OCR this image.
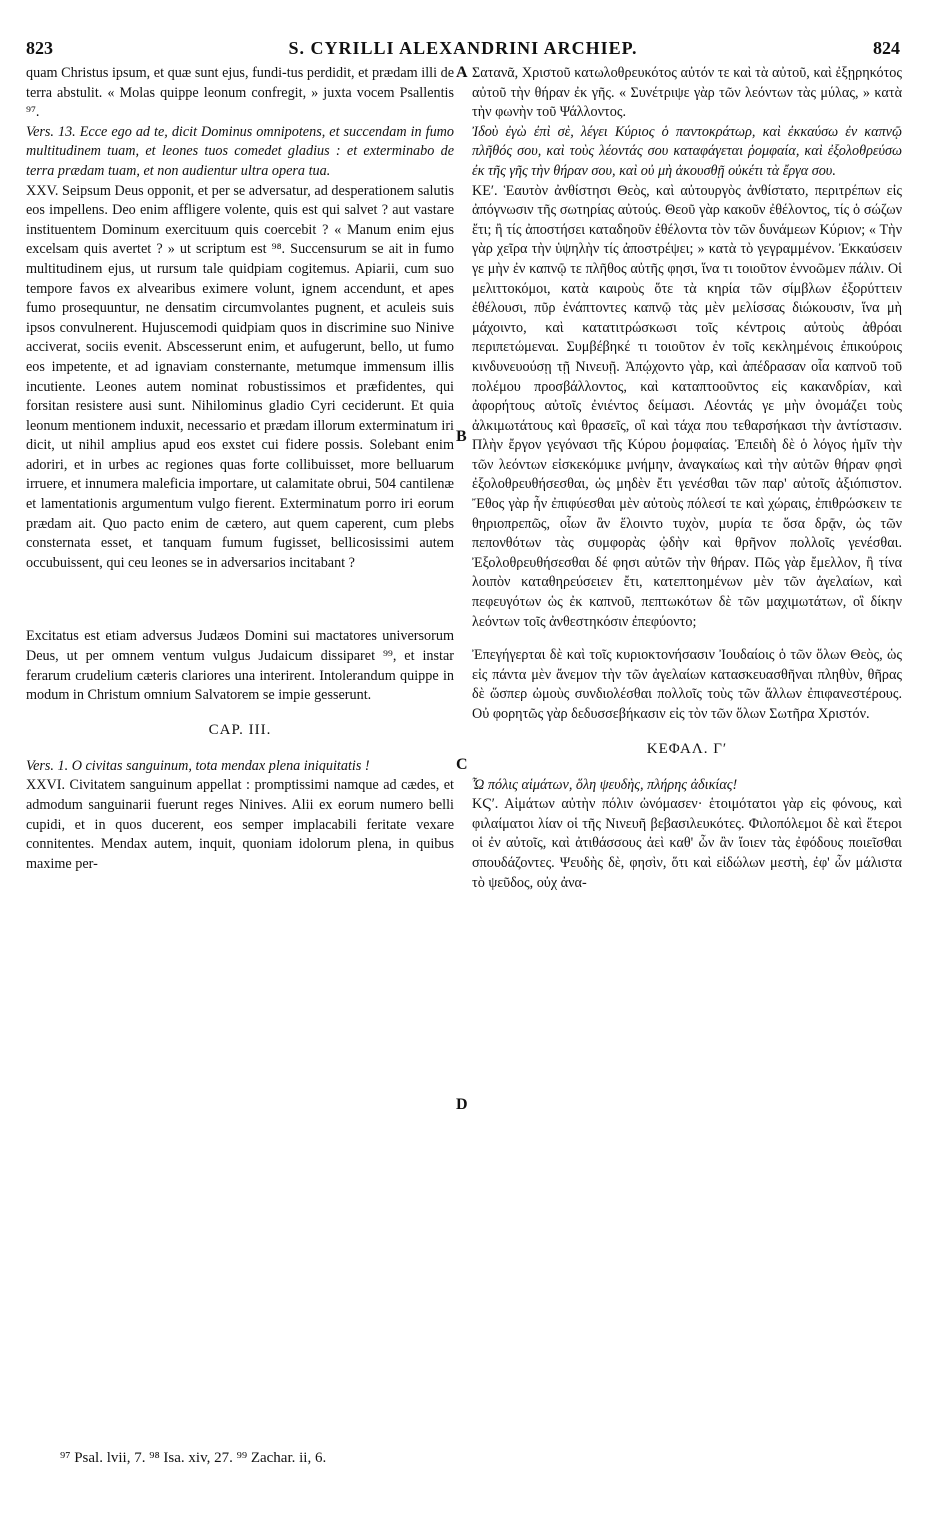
823	S. CYRILLI ALEXANDRINI ARCHIEP.	824

quam Christus ipsum, et quæ sunt ejus, fundi-tus perdidit, et prædam illi de terra abstulit. « Molas quippe leonum confregit, » juxta vocem Psallentis ⁹⁷.

Vers. 13. Ecce ego ad te, dicit Dominus omnipotens, et succendam in fumo multitudinem tuam, et leones tuos comedet gladius : et exterminabo de terra prædam tuam, et non audientur ultra opera tua.

XXV. Seipsum Deus opponit, et per se adversatur, ad desperationem salutis eos impellens. Deo enim affligere volente, quis est qui salvet ? aut vastare instituentem Dominum exercituum quis coercebit ? « Manum enim ejus excelsam quis avertet ? » ut scriptum est ⁹⁸. Succensurum se ait in fumo multitudinem ejus, ut rursum tale quidpiam cogitemus. Apiarii, cum suo tempore favos ex alvearibus eximere volunt, ignem accendunt, et apes fumo prosequuntur, ne densatim circumvolantes pugnent, et aculeis suis ipsos convulnerent. Hujuscemodi quidpiam quos in discrimine suo Ninive acciverat, sociis evenit. Abscesserunt enim, et aufugerunt, bello, ut fumo eos impetente, et ad ignaviam consternante, metumque immensum illis incutiente. Leones autem nominat robustissimos et præfidentes, qui forsitan resistere ausi sunt. Nihilominus gladio Cyri ceciderunt. Et quia leonum mentionem induxit, necessario et prædam illorum exterminatum iri dicit, ut nihil amplius apud eos exstet cui fidere possis. Solebant enim adoriri, et in urbes ac regiones quas forte collibuisset, more belluarum irruere, et innumera maleficia importare, ut calamitate obrui, 504 cantilenæ et lamentationis argumentum vulgo fierent. Exterminatum porro iri eorum prædam ait. Quo pacto enim de cætero, aut quem caperent, cum plebs consternata esset, et tanquam fumum fugisset, bellicosissimi autem occubuissent, qui ceu leones se in adversarios incitabant ?

Excitatus est etiam adversus Judæos Domini sui mactatores universorum Deus, ut per omnem ventum vulgus Judaicum dissiparet ⁹⁹, et instar ferarum crudelium cæteris clariores una interirent. Intolerandum quippe in modum in Christum omnium Salvatorem se impie gesserunt.

CAP. III.

Vers. 1. O civitas sanguinum, tota mendax plena iniquitatis !

XXVI. Civitatem sanguinum appellat : promptissimi namque ad cædes, et admodum sanguinarii fuerunt reges Ninives. Alii ex eorum numero belli cupidi, et in quos ducerent, eos semper implacabili feritate vexare connitentes. Mendax autem, inquit, quoniam idolorum plena, in quibus maxime per-

Σατανᾶ, Χριστοῦ κατωλοθρευκότος αὐτόν τε καὶ τὰ αὐτοῦ, καὶ ἐξῃρηκότος αὐτοῦ τὴν θήραν ἐκ γῆς. « Συνέτριψε γὰρ τῶν λεόντων τὰς μύλας, » κατὰ τὴν φωνὴν τοῦ Ψάλλοντος.

Ἰδοὺ ἐγὼ ἐπὶ σὲ, λέγει Κύριος ὁ παντοκράτωρ, καὶ ἐκκαύσω ἐν καπνῷ πλῆθός σου, καὶ τοὺς λέοντάς σου καταφάγεται ῥομφαία, καὶ ἐξολοθρεύσω ἐκ τῆς γῆς τὴν θήραν σου, καὶ οὐ μὴ ἀκουσθῇ οὐκέτι τὰ ἔργα σου.

ΚΕʹ. Ἑαυτὸν ἀνθίστησι Θεὸς, καὶ αὐτουργὸς ἀνθίστατο, περιτρέπων εἰς ἀπόγνωσιν τῆς σωτηρίας αὐτούς. Θεοῦ γὰρ κακοῦν ἐθέλοντος, τίς ὁ σώζων ἔτι; ἢ τίς ἀποστήσει καταδηοῦν ἐθέλοντα τὸν τῶν δυνάμεων Κύριον; « Τὴν γὰρ χεῖρα τὴν ὑψηλὴν τίς ἀποστρέψει; » κατὰ τὸ γεγραμμένον. Ἐκκαύσειν γε μὴν ἐν καπνῷ τε πλῆθος αὐτῆς φησι, ἵνα τι τοιοῦτον ἐννοῶμεν πάλιν. Οἱ μελιττοκόμοι, κατὰ καιροὺς ὅτε τὰ κηρία τῶν σίμβλων ἐξορύττειν ἐθέλουσι, πῦρ ἐνάπτοντες καπνῷ τὰς μὲν μελίσσας διώκουσιν, ἵνα μὴ μάχοιντο, καὶ κατατιτρώσκωσι τοῖς κέντροις αὐτοὺς ἀθρόαι περιπετώμεναι. Συμβέβηκέ τι τοιοῦτον ἐν τοῖς κεκλημένοις ἐπικούροις κινδυνευούσῃ τῇ Νινευῇ. Ἀπῴχοντο γὰρ, καὶ ἀπέδρασαν οἷα καπνοῦ τοῦ πολέμου προσβάλλοντος, καὶ καταπτοοῦντος εἰς κακανδρίαν, καὶ ἀφορήτους αὐτοῖς ἐνιέντος δείμασι. Λέοντάς γε μὴν ὀνομάζει τοὺς ἀλκιμωτάτους καὶ θρασεῖς, οἳ καὶ τάχα που τεθαρσήκασι τὴν ἀντίστασιν. Πλὴν ἔργον γεγόνασι τῆς Κύρου ῥομφαίας. Ἐπειδὴ δὲ ὁ λόγος ἡμῖν τὴν τῶν λεόντων εἰσκεκόμικε μνήμην, ἀναγκαίως καὶ τὴν αὐτῶν θήραν φησὶ ἐξολοθρευθήσεσθαι, ὡς μηδὲν ἔτι γενέσθαι τῶν παρ' αὐτοῖς ἀξιόπιστον. Ἔθος γὰρ ἦν ἐπιφύεσθαι μὲν αὐτοὺς πόλεσί τε καὶ χώραις, ἐπιθρώσκειν τε θηριοπρεπῶς, οἷων ἂν ἕλοιντο τυχὸν, μυρία τε ὅσα δρᾷν, ὡς τῶν πεπονθότων τὰς συμφορὰς ᾠδὴν καὶ θρῆνον πολλοῖς γενέσθαι. Ἐξολοθρευθήσεσθαι δέ φησι αὐτῶν τὴν θήραν. Πῶς γὰρ ἔμελλον, ἢ τίνα λοιπὸν καταθηρεύσειεν ἔτι, κατεπτοημένων μὲν τῶν ἀγελαίων, καὶ πεφευγότων ὡς ἐκ καπνοῦ, πεπτωκότων δὲ τῶν μαχιμωτάτων, οἳ δίκην λεόντων τοῖς ἀνθεστηκόσιν ἐπεφύοντο;

Ἐπεγήγερται δὲ καὶ τοῖς κυριοκτονήσασιν Ἰουδαίοις ὁ τῶν ὅλων Θεὸς, ὡς εἰς πάντα μὲν ἄνεμον τὴν τῶν ἀγελαίων κατασκευασθῆναι πληθὺν, θῆρας δὲ ὥσπερ ὠμοὺς συνδιολέσθαι πολλοῖς τοὺς τῶν ἄλλων ἐπιφανεστέρους. Οὐ φορητῶς γὰρ δεδυσσεβήκασιν εἰς τὸν τῶν ὅλων Σωτῆρα Χριστόν.

ΚΕΦΑΛ. Γʹ

Ὦ πόλις αἱμάτων, ὅλη ψευδὴς, πλήρης ἀδικίας!

ΚϚʹ. Αἱμάτων αὐτὴν πόλιν ὠνόμασεν· ἑτοιμότατοι γὰρ εἰς φόνους, καὶ φιλαίματοι λίαν οἱ τῆς Νινευῆ βεβασιλευκότες. Φιλοπόλεμοι δὲ καὶ ἕτεροι οἱ ἐν αὐτοῖς, καὶ ἀτιθάσσους ἀεὶ καθ' ὧν ἂν ἴοιεν τὰς ἐφόδους ποιεῖσθαι σπουδάζοντες. Ψευδὴς δὲ, φησὶν, ὅτι καὶ εἰδώλων μεστὴ, ἐφ' ὧν μάλιστα τὸ ψεῦδος, οὐχ ἀνα-

A
B
C
D
⁹⁷ Psal. lvii, 7. ⁹⁸ Isa. xiv, 27. ⁹⁹ Zachar. ii, 6.
